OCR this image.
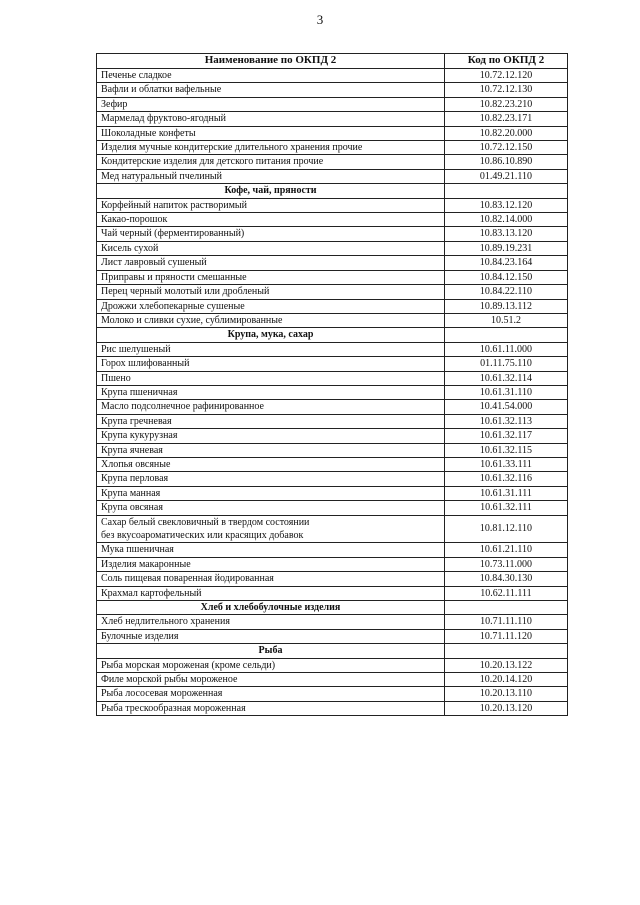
3
Наименование по ОКПД 2	Код по ОКПД 2
Печенье сладкое	10.72.12.120
Вафли и облатки вафельные	10.72.12.130
Зефир	10.82.23.210
Мармелад фруктово-ягодный	10.82.23.171
Шоколадные конфеты	10.82.20.000
Изделия мучные кондитерские длительного хранения прочие	10.72.12.150
Кондитерские изделия для детского питания прочие	10.86.10.890
Мед натуральный пчелиный	01.49.21.110
Кофе, чай, пряности	
Корфейный напиток растворимый	10.83.12.120
Какао-порошок	10.82.14.000
Чай черный (ферментированный)	10.83.13.120
Кисель сухой	10.89.19.231
Лист лавровый сушеный	10.84.23.164
Приправы и пряности смешанные	10.84.12.150
Перец черный молотый или дробленый	10.84.22.110
Дрожжи хлебопекарные сушеные	10.89.13.112
Молоко и сливки сухие, сублимированные	10.51.2
Крупа, мука, сахар	
Рис шелушеный	10.61.11.000
Горох шлифованный	01.11.75.110
Пшено	10.61.32.114
Крупа пшеничная	10.61.31.110
Масло подсолнечное рафинированное	10.41.54.000
Крупа гречневая	10.61.32.113
Крупа кукурузная	10.61.32.117
Крупа ячневая	10.61.32.115
Хлопья овсяные	10.61.33.111
Крупа перловая	10.61.32.116
Крупа манная	10.61.31.111
Крупа овсяная	10.61.32.111

Сахар белый свекловичный в твердом состоянии
без вкусоароматических или красящих добавок	10.81.12.110
Мука пшеничная	10.61.21.110
Изделия макаронные	10.73.11.000
Соль пищевая поваренная йодированная	10.84.30.130
Крахмал картофельный	10.62.11.111
Хлеб и хлебобулочные изделия	
Хлеб недлительного хранения	10.71.11.110
Булочные изделия	10.71.11.120
Рыба	
Рыба морская мороженая (кроме сельди)	10.20.13.122
Филе морской рыбы мороженое	10.20.14.120
Рыба лососевая мороженная	10.20.13.110
Рыба трескообразная мороженная	10.20.13.120
